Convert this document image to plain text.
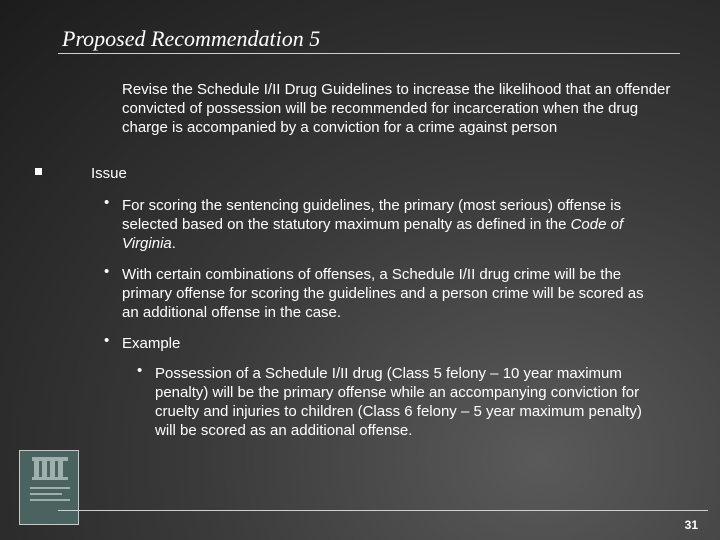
Proposed Recommendation 5
Revise the Schedule I/II Drug Guidelines to increase the likelihood that an offender convicted of possession will be recommended for incarceration when the drug charge is accompanied by a conviction for a crime against person
Issue
• For scoring the sentencing guidelines, the primary (most serious) offense is selected based on the statutory maximum penalty as defined in the Code of Virginia.
• With certain combinations of offenses, a Schedule I/II drug crime will be the primary offense for scoring the guidelines and a person crime will be scored as an additional offense in the case.
• Example
• Possession of a Schedule I/II drug (Class 5 felony – 10 year maximum penalty) will be the primary offense while an accompanying conviction for cruelty and injuries to children (Class 6 felony – 5 year maximum penalty) will be scored as an additional offense.
31
